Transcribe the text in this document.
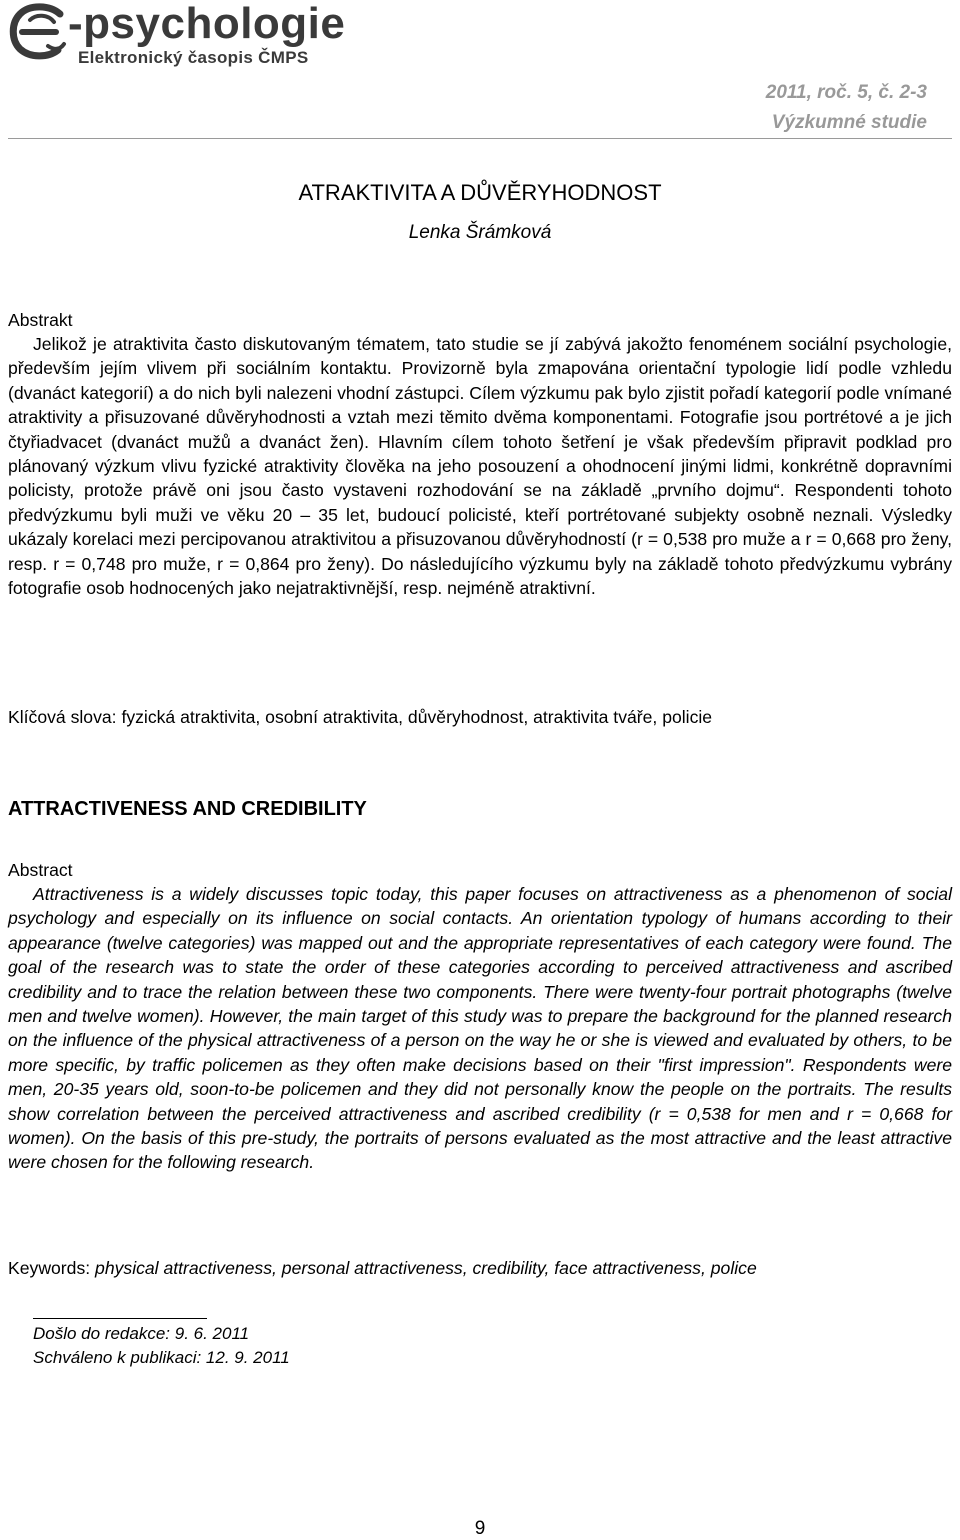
-psychologie
Elektronický časopis ČMPS
2011, roč. 5, č. 2-3
Výzkumné studie
ATRAKTIVITA A DŮVĚRYHODNOST
Lenka Šrámková
Abstrakt
Jelikož je atraktivita často diskutovaným tématem, tato studie se jí zabývá jakožto fenoménem sociální psychologie, především jejím vlivem při sociálním kontaktu. Provizorně byla zmapována orientační typologie lidí podle vzhledu (dvanáct kategorií) a do nich byli nalezeni vhodní zástupci. Cílem výzkumu pak bylo zjistit pořadí kategorií podle vnímané atraktivity a přisuzované důvěryhodnosti a vztah mezi těmito dvěma komponentami. Fotografie jsou portrétové a je jich čtyřiadvacet (dvanáct mužů a dvanáct žen). Hlavním cílem tohoto šetření je však především připravit podklad pro plánovaný výzkum vlivu fyzické atraktivity člověka na jeho posouzení a ohodnocení jinými lidmi, konkrétně dopravními policisty, protože právě oni jsou často vystaveni rozhodování se na základě „prvního dojmu“. Respondenti tohoto předvýzkumu byli muži ve věku 20 – 35 let, budoucí policisté, kteří portrétované subjekty osobně neznali. Výsledky ukázaly korelaci mezi percipovanou atraktivitou a přisuzovanou důvěryhodností (r = 0,538 pro muže a r = 0,668 pro ženy, resp. r = 0,748 pro muže, r = 0,864 pro ženy). Do následujícího výzkumu byly na základě tohoto předvýzkumu vybrány fotografie osob hodnocených jako nejatraktivnější, resp. nejméně atraktivní.
Klíčová slova: fyzická atraktivita, osobní atraktivita, důvěryhodnost, atraktivita tváře, policie
ATTRACTIVENESS AND CREDIBILITY
Abstract
Attractiveness is a widely discusses topic today, this paper focuses on attractiveness as a phenomenon of social psychology and especially on its influence on social contacts. An orientation typology of humans according to their appearance (twelve categories) was mapped out and the appropriate representatives of each category were found. The goal of the research was to state the order of these categories according to perceived attractiveness and ascribed credibility and to trace the relation between these two components. There were twenty-four portrait photographs (twelve men and twelve women). However, the main target of this study was to prepare the background for the planned research on the influence of the physical attractiveness of a person on the way he or she is viewed and evaluated by others, to be more specific, by traffic policemen as they often make decisions based on their "first impression". Respondents were men, 20-35 years old, soon-to-be policemen and they did not personally know the people on the portraits. The results show correlation between the perceived attractiveness and ascribed credibility (r = 0,538 for men and r = 0,668 for women). On the basis of this pre-study, the portraits of persons evaluated as the most attractive and the least attractive were chosen for the following research.
Keywords: physical attractiveness, personal attractiveness, credibility, face attractiveness, police
Došlo do redakce: 9. 6. 2011
Schváleno k publikaci: 12. 9. 2011
9
